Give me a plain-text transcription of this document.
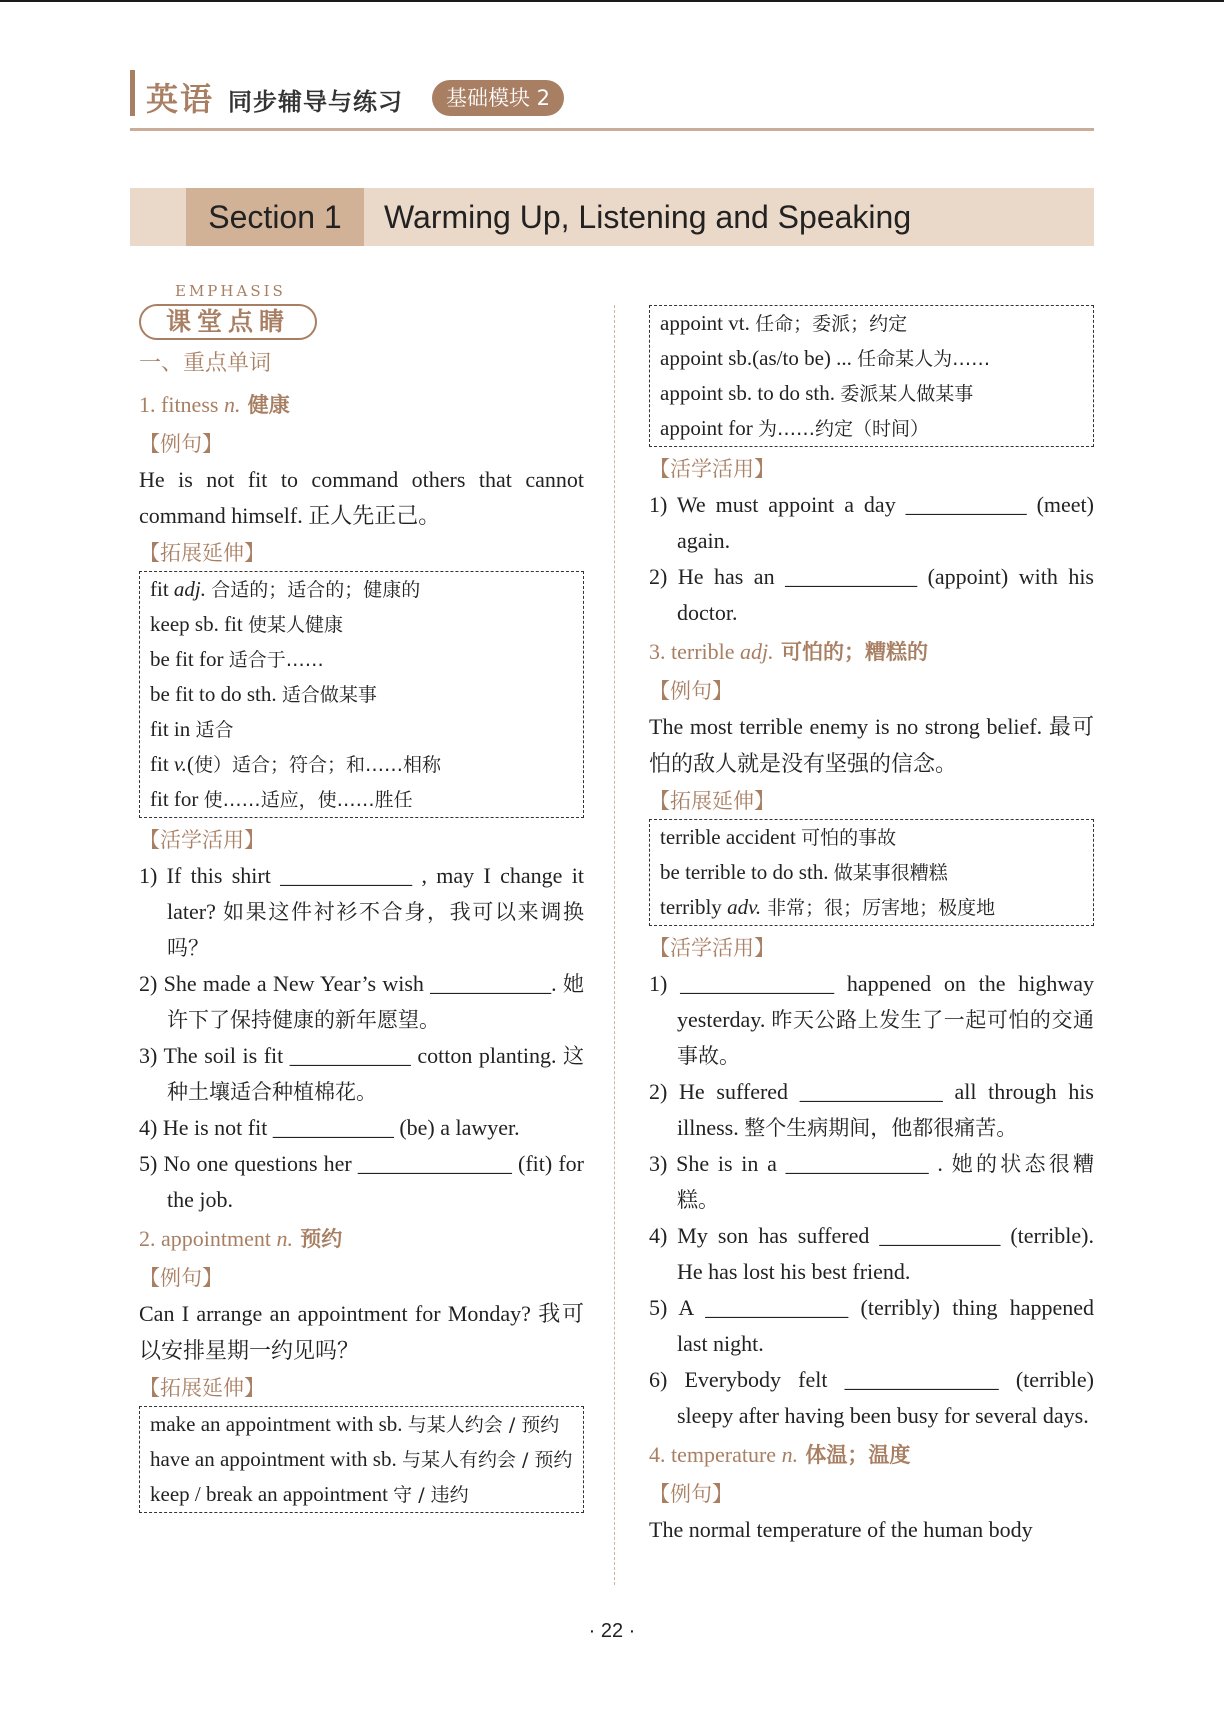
英语 同步辅导与练习	基础模块 2
Section 1	Warming Up, Listening and Speaking
EMPHASIS
课堂点睛
一、重点单词
1. fitness n. 健康
【例句】
He is not fit to command others that cannot command himself. 正人先正己。
【拓展延伸】
fit adj. 合适的；适合的；健康的
keep sb. fit 使某人健康
be fit for 适合于……
be fit to do sth. 适合做某事
fit in 适合
fit v.(使）适合；符合；和……相称
fit for 使……适应，使……胜任
【活学活用】
1) If this shirt ____________ , may I change it later? 如果这件衬衫不合身，我可以来调换吗？
2) She made a New Year’s wish ___________. 她许下了保持健康的新年愿望。
3) The soil is fit ___________ cotton planting. 这种土壤适合种植棉花。
4) He is not fit ___________ (be) a lawyer.
5) No one questions her ______________ (fit) for the job.
2. appointment n. 预约
【例句】
Can I arrange an appointment for Monday? 我可以安排星期一约见吗？
【拓展延伸】
make an appointment with sb. 与某人约会 / 预约
have an appointment with sb. 与某人有约会 / 预约
keep / break an appointment 守 / 违约
appoint vt. 任命；委派；约定
appoint sb.(as/to be) ... 任命某人为……
appoint sb. to do sth. 委派某人做某事
appoint for 为……约定（时间）
【活学活用】
1) We must appoint a day ___________ (meet) again.
2) He has an ____________ (appoint) with his doctor.
3. terrible adj. 可怕的；糟糕的
【例句】
The most terrible enemy is no strong belief. 最可怕的敌人就是没有坚强的信念。
【拓展延伸】
terrible accident 可怕的事故
be terrible to do sth. 做某事很糟糕
terribly adv. 非常；很；厉害地；极度地
【活学活用】
1) ______________ happened on the highway yesterday. 昨天公路上发生了一起可怕的交通事故。
2) He suffered _____________ all through his illness. 整个生病期间，他都很痛苦。
3) She is in a _____________ . 她的状态很糟糕。
4) My son has suffered ___________ (terrible). He has lost his best friend.
5) A _____________ (terribly) thing happened last night.
6) Everybody felt ______________ (terrible) sleepy after having been busy for several days.
4. temperature n. 体温；温度
【例句】
The normal temperature of the human body
· 22 ·
